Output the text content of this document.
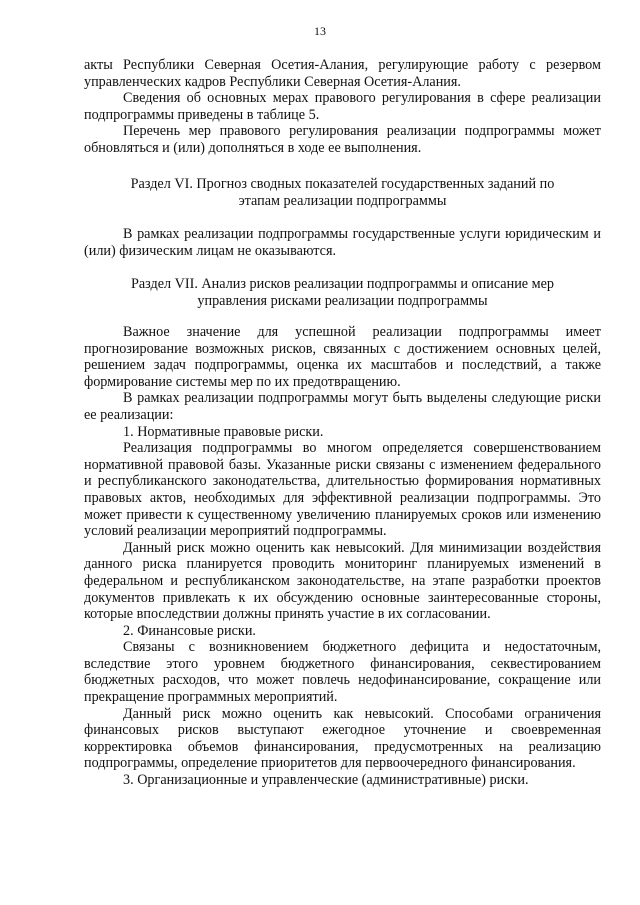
13

акты Республики Северная Осетия-Алания, регулирующие работу с резервом управленческих кадров Республики Северная Осетия-Алания.

Сведения об основных мерах правового регулирования в сфере реализации подпрограммы приведены в таблице 5.

Перечень мер правового регулирования реализации подпрограммы может обновляться и (или) дополняться в ходе ее выполнения.

Раздел VI. Прогноз сводных показателей государственных заданий по этапам реализации подпрограммы

В рамках реализации подпрограммы государственные услуги юридическим и (или) физическим лицам не оказываются.

Раздел VII. Анализ рисков реализации подпрограммы и описание мер управления рисками реализации подпрограммы

Важное значение для успешной реализации подпрограммы имеет прогнозирование возможных рисков, связанных с достижением основных целей, решением задач подпрограммы, оценка их масштабов и последствий, а также формирование системы мер по их предотвращению.

В рамках реализации подпрограммы могут быть выделены следующие риски ее реализации:

1. Нормативные правовые риски.

Реализация подпрограммы во многом определяется совершенствованием нормативной правовой базы. Указанные риски связаны с изменением федерального и республиканского законодательства, длительностью формирования нормативных правовых актов, необходимых для эффективной реализации подпрограммы. Это может привести к существенному увеличению планируемых сроков или изменению условий реализации мероприятий подпрограммы.

Данный риск можно оценить как невысокий. Для минимизации воздействия данного риска планируется проводить мониторинг планируемых изменений в федеральном и республиканском законодательстве, на этапе разработки проектов документов привлекать к их обсуждению основные заинтересованные стороны, которые впоследствии должны принять участие в их согласовании.

2. Финансовые риски.

Связаны с возникновением бюджетного дефицита и недостаточным, вследствие этого уровнем бюджетного финансирования, секвестированием бюджетных расходов, что может повлечь недофинансирование, сокращение или прекращение программных мероприятий.

Данный риск можно оценить как невысокий. Способами ограничения финансовых рисков выступают ежегодное уточнение и своевременная корректировка объемов финансирования, предусмотренных на реализацию подпрограммы, определение приоритетов для первоочередного финансирования.

3. Организационные и управленческие (административные) риски.
